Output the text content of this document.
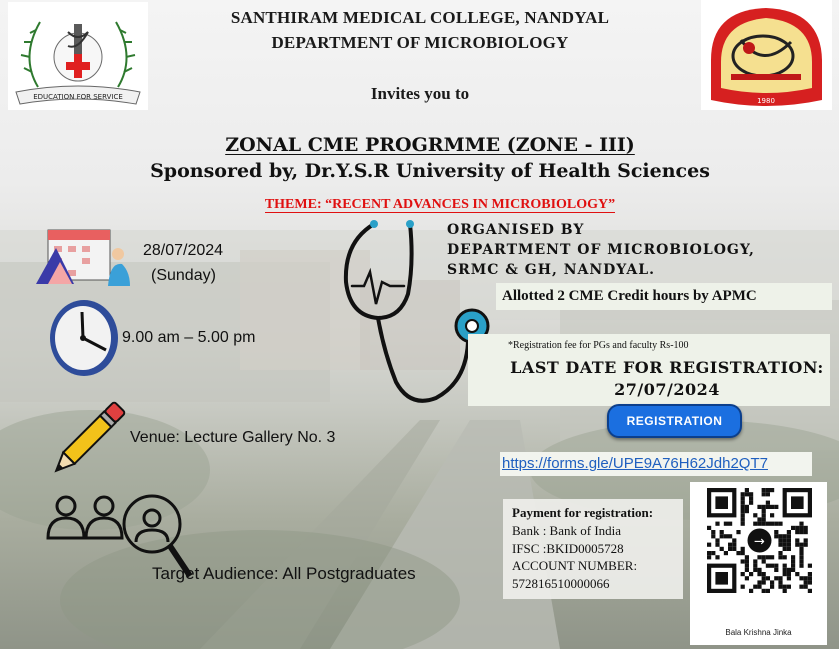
EDUCATION FOR SERVICE	1980
SANTHIRAM MEDICAL COLLEGE, NANDYAL
DEPARTMENT OF MICROBIOLOGY
Invites you to
ZONAL CME PROGRMME (ZONE - III)
Sponsored by, Dr.Y.S.R University of Health Sciences
THEME: “RECENT ADVANCES IN MICROBIOLOGY”
28/07/2024
(Sunday)
9.00 am – 5.00 pm
Venue: Lecture Gallery No. 3
Target Audience: All Postgraduates
ORGANISED BY
DEPARTMENT OF MICROBIOLOGY,
SRMC & GH, NANDYAL.
Allotted 2 CME Credit hours by APMC
*Registration fee for PGs and faculty Rs-100
LAST DATE FOR REGISTRATION:
27/07/2024
REGISTRATION
https://forms.gle/UPE9A76H62Jdh2QT7
Payment for registration:
Bank : Bank of India
IFSC :BKID0005728
ACCOUNT NUMBER:
572816510000066
→
Bala Krishna Jinka
